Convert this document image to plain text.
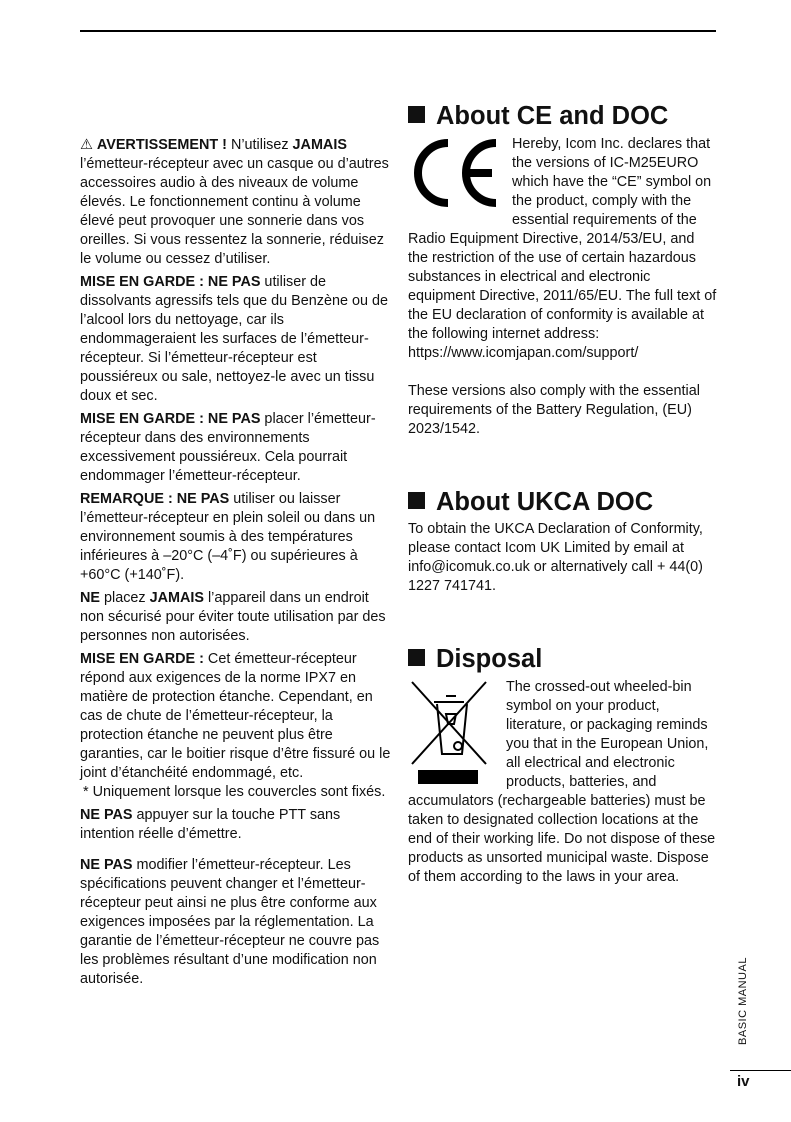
⚠ AVERTISSEMENT ! N’utilisez JAMAIS l’émetteur-récepteur avec un casque ou d’autres accessoires audio à des niveaux de volume élevés. Le fonctionnement continu à volume élevé peut provoquer une sonnerie dans vos oreilles. Si vous ressentez la sonnerie, réduisez le volume ou cessez d’utiliser.

MISE EN GARDE : NE PAS utiliser de dissolvants agressifs tels que du Benzène ou de l’alcool lors du nettoyage, car ils endommageraient les surfaces de l’émetteur-récepteur. Si l’émetteur-récepteur est poussiéreux ou sale, nettoyez-le avec un tissu doux et sec.

MISE EN GARDE : NE PAS placer l’émetteur-récepteur dans des environnements excessivement poussiéreux. Cela pourrait endommager l’émetteur-récepteur.

REMARQUE : NE PAS utiliser ou laisser l’émetteur-récepteur en plein soleil ou dans un environnement soumis à des températures inférieures à –20°C (–4˚F) ou supérieures à +60°C (+140˚F).

NE placez JAMAIS l’appareil dans un endroit non sécurisé pour éviter toute utilisation par des personnes non autorisées.

MISE EN GARDE : Cet émetteur-récepteur répond aux exigences de la norme IPX7 en matière de protection étanche. Cependant, en cas de chute de l’émetteur-récepteur, la protection étanche ne peuvent plus être garanties, car le boitier risque d’être fissuré ou le joint d’étanchéité endommagé, etc.

* Uniquement lorsque les couvercles sont fixés.

NE PAS appuyer sur la touche PTT sans intention réelle d’émettre.

NE PAS modifier l’émetteur-récepteur. Les spécifications peuvent changer et l’émetteur-récepteur peut ainsi ne plus être conforme aux exigences imposées par la réglementation. La garantie de l’émetteur-récepteur ne couvre pas les problèmes résultant d’une modification non autorisée.

About CE and DOC

Hereby, Icom Inc. declares that the versions of IC-M25EURO which have the “CE” symbol on the product, comply with the essential requirements of the Radio Equipment Directive, 2014/53/EU, and the restriction of the use of certain hazardous substances in electrical and electronic equipment Directive, 2011/65/EU. The full text of the EU declaration of conformity is available at the following internet address:

https://www.icomjapan.com/support/

These versions also comply with the essential requirements of the Battery Regulation, (EU) 2023/1542.

About UKCA DOC

To obtain the UKCA Declaration of Conformity, please contact Icom UK Limited by email at info@icomuk.co.uk or alternatively call + 44(0) 1227 741741.

Disposal

The crossed-out wheeled-bin symbol on your product, literature, or packaging reminds you that in the European Union, all electrical and electronic products, batteries, and accumulators (rechargeable batteries) must be taken to designated collection locations at the end of their working life. Do not dispose of these products as unsorted municipal waste. Dispose of them according to the laws in your area.

BASIC MANUAL
iv
